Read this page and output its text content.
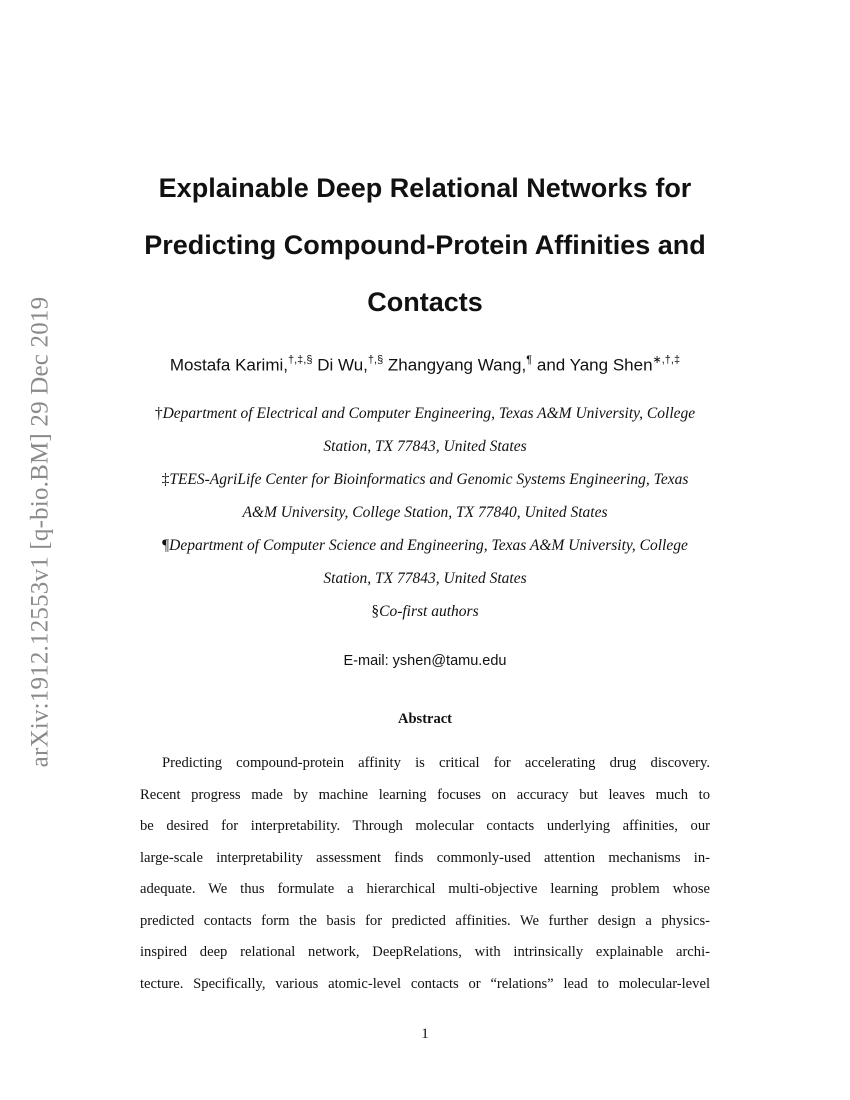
arXiv:1912.12553v1 [q-bio.BM] 29 Dec 2019
Explainable Deep Relational Networks for
Predicting Compound-Protein Affinities and
Contacts
Mostafa Karimi,†,‡,§ Di Wu,†,§ Zhangyang Wang,¶ and Yang Shen∗,†,‡
†Department of Electrical and Computer Engineering, Texas A&M University, College
Station, TX 77843, United States
‡TEES-AgriLife Center for Bioinformatics and Genomic Systems Engineering, Texas
A&M University, College Station, TX 77840, United States
¶Department of Computer Science and Engineering, Texas A&M University, College
Station, TX 77843, United States
§Co-first authors
E-mail: yshen@tamu.edu
Abstract
Predicting compound-protein affinity is critical for accelerating drug discovery.
Recent progress made by machine learning focuses on accuracy but leaves much to
be desired for interpretability. Through molecular contacts underlying affinities, our
large-scale interpretability assessment finds commonly-used attention mechanisms in-
adequate. We thus formulate a hierarchical multi-objective learning problem whose
predicted contacts form the basis for predicted affinities. We further design a physics-
inspired deep relational network, DeepRelations, with intrinsically explainable archi-
tecture. Specifically, various atomic-level contacts or “relations” lead to molecular-level
1
